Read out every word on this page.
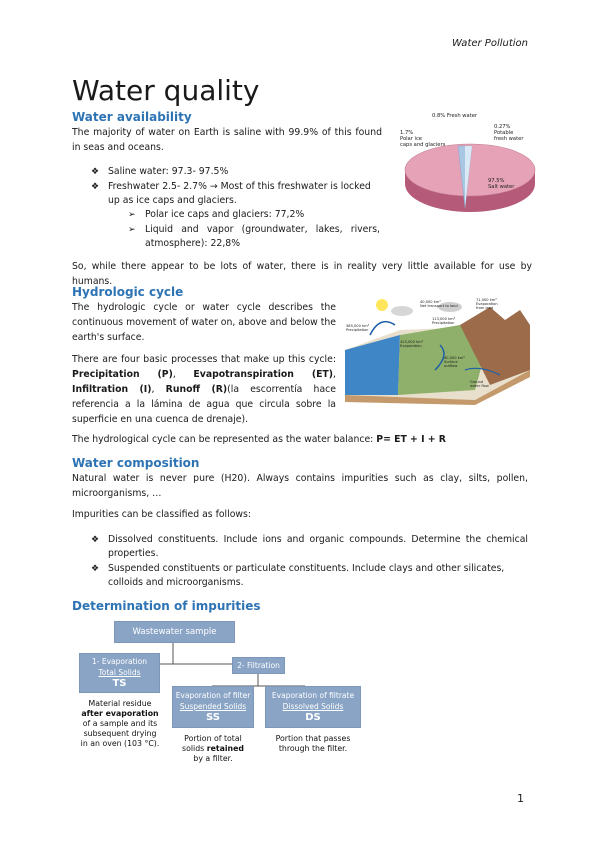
Water Pollution
Water quality
Water availability

The majority of water on Earth is saline with 99.9% of this found in seas and oceans.

❖ Saline water: 97.3- 97.5%
❖ Freshwater 2.5- 2.7% → Most of this freshwater is locked up as ice caps and glaciers.
➢ Polar ice caps and glaciers: 77,2%
➢ Liquid and vapor (groundwater, lakes, rivers, atmosphere): 22,8%

So, while there appear to be lots of water, there is in reality very little available for use by humans.

0.8% Fresh water
1.7% Polar ice caps and glaciers
0.27% Potable fresh water
97.5% Salt water
Hydrologic cycle

The hydrologic cycle or water cycle describes the continuous movement of water on, above and below the earth's surface.

There are four basic processes that make up this cycle: Precipitation (P), Evapotranspiration (ET), Infiltration (I), Runoff (R)(la escorrentía hace referencia a la lámina de agua que circula sobre la superficie en una cuenca de drenaje).

The hydrological cycle can be represented as the water balance: P= ET + I + R

40,000 km³ Net transport to land
71,000 km³ Evaporation from land
113,000 km³ Precipitation
385,000 km³ Precipitation
425,000 km³ Evaporation
40,000 km³ Surface outflow
Ground water flow
Water composition

Natural water is never pure (H20). Always contains impurities such as clay, silts, pollen, microorganisms, …

Impurities can be classified as follows:

❖ Dissolved constituents. Include ions and organic compounds. Determine the chemical properties.
❖ Suspended constituents or particulate constituents. Include clays and other silicates, colloids and microorganisms.
Determination of impurities
Wastewater sample
1- Evaporation
Total Solids
TS
2- Filtration
Evaporation of filter
Suspended Solids
SS
Evaporation of filtrate
Dissolved Solids
DS
Material residue after evaporation of a sample and its subsequent drying in an oven (103 °C).
Portion of total solids retained by a filter.
Portion that passes through the filter.
1
